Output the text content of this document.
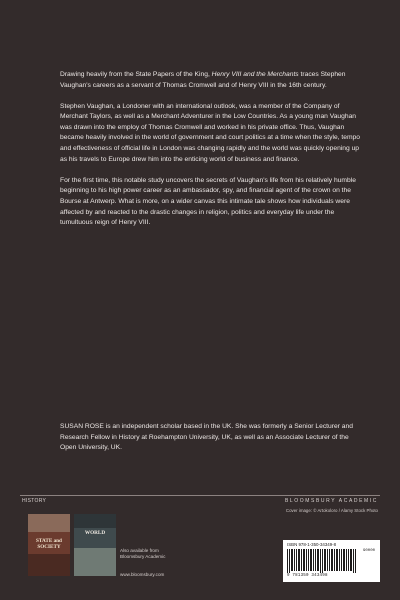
Drawing heavily from the State Papers of the King, Henry VIII and the Merchants traces Stephen Vaughan's careers as a servant of Thomas Cromwell and of Henry VIII in the 16th century.

Stephen Vaughan, a Londoner with an international outlook, was a member of the Company of Merchant Taylors, as well as a Merchant Adventurer in the Low Countries. As a young man Vaughan was drawn into the employ of Thomas Cromwell and worked in his private office. Thus, Vaughan became heavily involved in the world of government and court politics at a time when the style, tempo and effectiveness of official life in London was changing rapidly and the world was quickly opening up as his travels to Europe drew him into the enticing world of business and finance.

For the first time, this notable study uncovers the secrets of Vaughan's life from his relatively humble beginning to his high power career as an ambassador, spy, and financial agent of the crown on the Bourse at Antwerp. What is more, on a wider canvas this intimate tale shows how individuals were affected by and reacted to the drastic changes in religion, politics and everyday life under the tumultuous reign of Henry VIII.

SUSAN ROSE is an independent scholar based in the UK. She was formerly a Senior Lecturer and Research Fellow in History at Roehampton University, UK, as well as an Associate Lecturer of the Open University, UK.

HISTORY	BLOOMSBURY ACADEMIC
Cover image: © Artokoloro / Alamy Stock Photo
STATE and SOCIETY
WORLD
Also available from
Bloomsbury Academic
www.bloomsbury.com
ISBN 978-1-350-34349-8
9 781350 343498
90000
